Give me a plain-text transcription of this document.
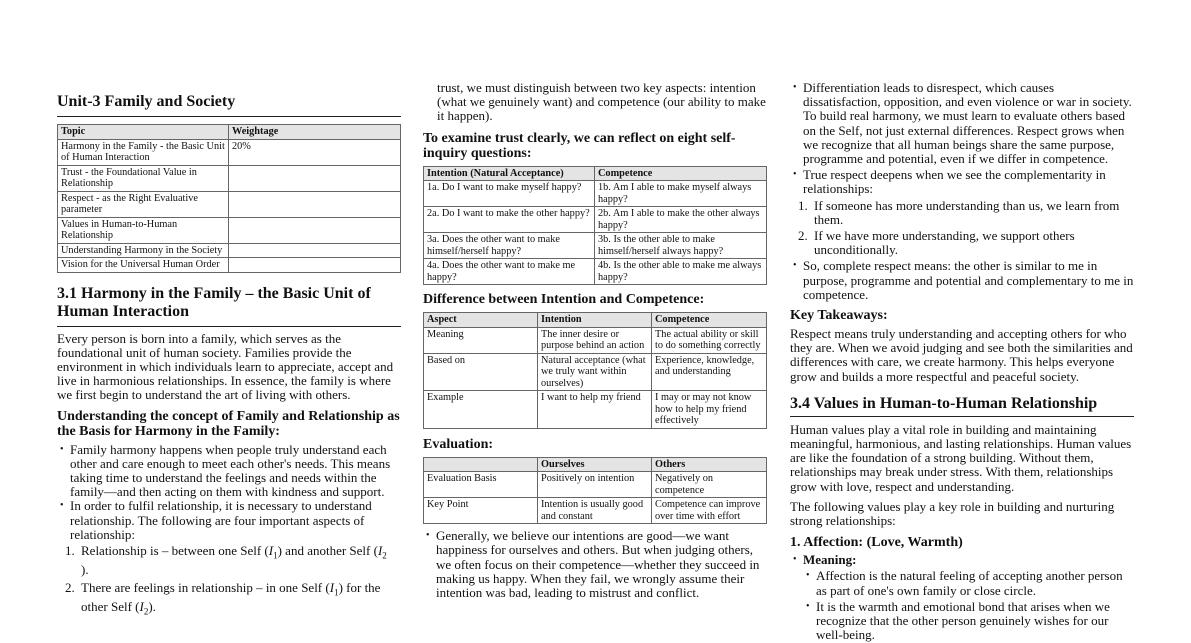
Unit-3 Family and Society
Topic	Weightage
Harmony in the Family - the Basic Unit of Human Interaction	20%
Trust - the Foundational Value in Relationship	
Respect - as the Right Evaluative parameter	
Values in Human-to-Human Relationship	
Understanding Harmony in the Society	
Vision for the Universal Human Order	
3.1 Harmony in the Family – the Basic Unit of Human Interaction

Every person is born into a family, which serves as the foundational unit of human society. Families provide the environment in which individuals learn to appreciate, accept and live in harmonious relationships. In essence, the family is where we first begin to understand the art of living with others.

Understanding the concept of Family and Relationship as the Basis for Harmony in the Family:
• Family harmony happens when people truly understand each other and care enough to meet each other's needs. This means taking time to understand the feelings and needs within the family—and then acting on them with kindness and support.
• In order to fulfil relationship, it is necessary to understand relationship. The following are four important aspects of relationship:
1. Relationship is – between one Self $(I_1)$ and another Self ($I_2$
).
2. There are feelings in relationship – in one Self $(I_1)$ for the other Self $(I_2)$.

trust, we must distinguish between two key aspects: intention (what we genuinely want) and competence (our ability to make it happen).

To examine trust clearly, we can reflect on eight self-inquiry questions:
Intention (Natural Acceptance)	Competence
1a. Do I want to make myself happy?	1b. Am I able to make myself always happy?
2a. Do I want to make the other happy?	2b. Am I able to make the other always happy?
3a. Does the other want to make himself/herself happy?	3b. Is the other able to make himself/herself always happy?
4a. Does the other want to make me happy?	4b. Is the other able to make me always happy?
Difference between Intention and Competence:
Aspect	Intention	Competence
Meaning	The inner desire or purpose behind an action	The actual ability or skill to do something correctly
Based on	Natural acceptance (what we truly want within ourselves)	Experience, knowledge, and understanding
Example	I want to help my friend	I may or may not know how to help my friend effectively
Evaluation:
	Ourselves	Others
Evaluation Basis	Positively on intention	Negatively on competence
Key Point	Intention is usually good and constant	Competence can improve over time with effort
• Generally, we believe our intentions are good—we want happiness for ourselves and others. But when judging others, we often focus on their competence—whether they succeed in making us happy. When they fail, we wrongly assume their intention was bad, leading to mistrust and conflict.
• Differentiation leads to disrespect, which causes dissatisfaction, opposition, and even violence or war in society. To build real harmony, we must learn to evaluate others based on the Self, not just external differences. Respect grows when we recognize that all human beings share the same purpose, programme and potential, even if we differ in competence.
• True respect deepens when we see the complementarity in relationships:
1. If someone has more understanding than us, we learn from them.
2. If we have more understanding, we support others unconditionally.
• So, complete respect means: the other is similar to me in purpose, programme and potential and complementary to me in competence.
Key Takeaways:

Respect means truly understanding and accepting others for who they are. When we avoid judging and see both the similarities and differences with care, we create harmony. This helps everyone grow and builds a more respectful and peaceful society.

3.4 Values in Human-to-Human Relationship

Human values play a vital role in building and maintaining meaningful, harmonious, and lasting relationships. Human values are like the foundation of a strong building. Without them, relationships may break under stress. With them, relationships grow with love, respect and understanding.

The following values play a key role in building and nurturing strong relationships:

1. Affection: (Love, Warmth)
• Meaning:
• Affection is the natural feeling of accepting another person as part of one's own family or close circle.
• It is the warmth and emotional bond that arises when we recognize that the other person genuinely wishes for our well-being.
